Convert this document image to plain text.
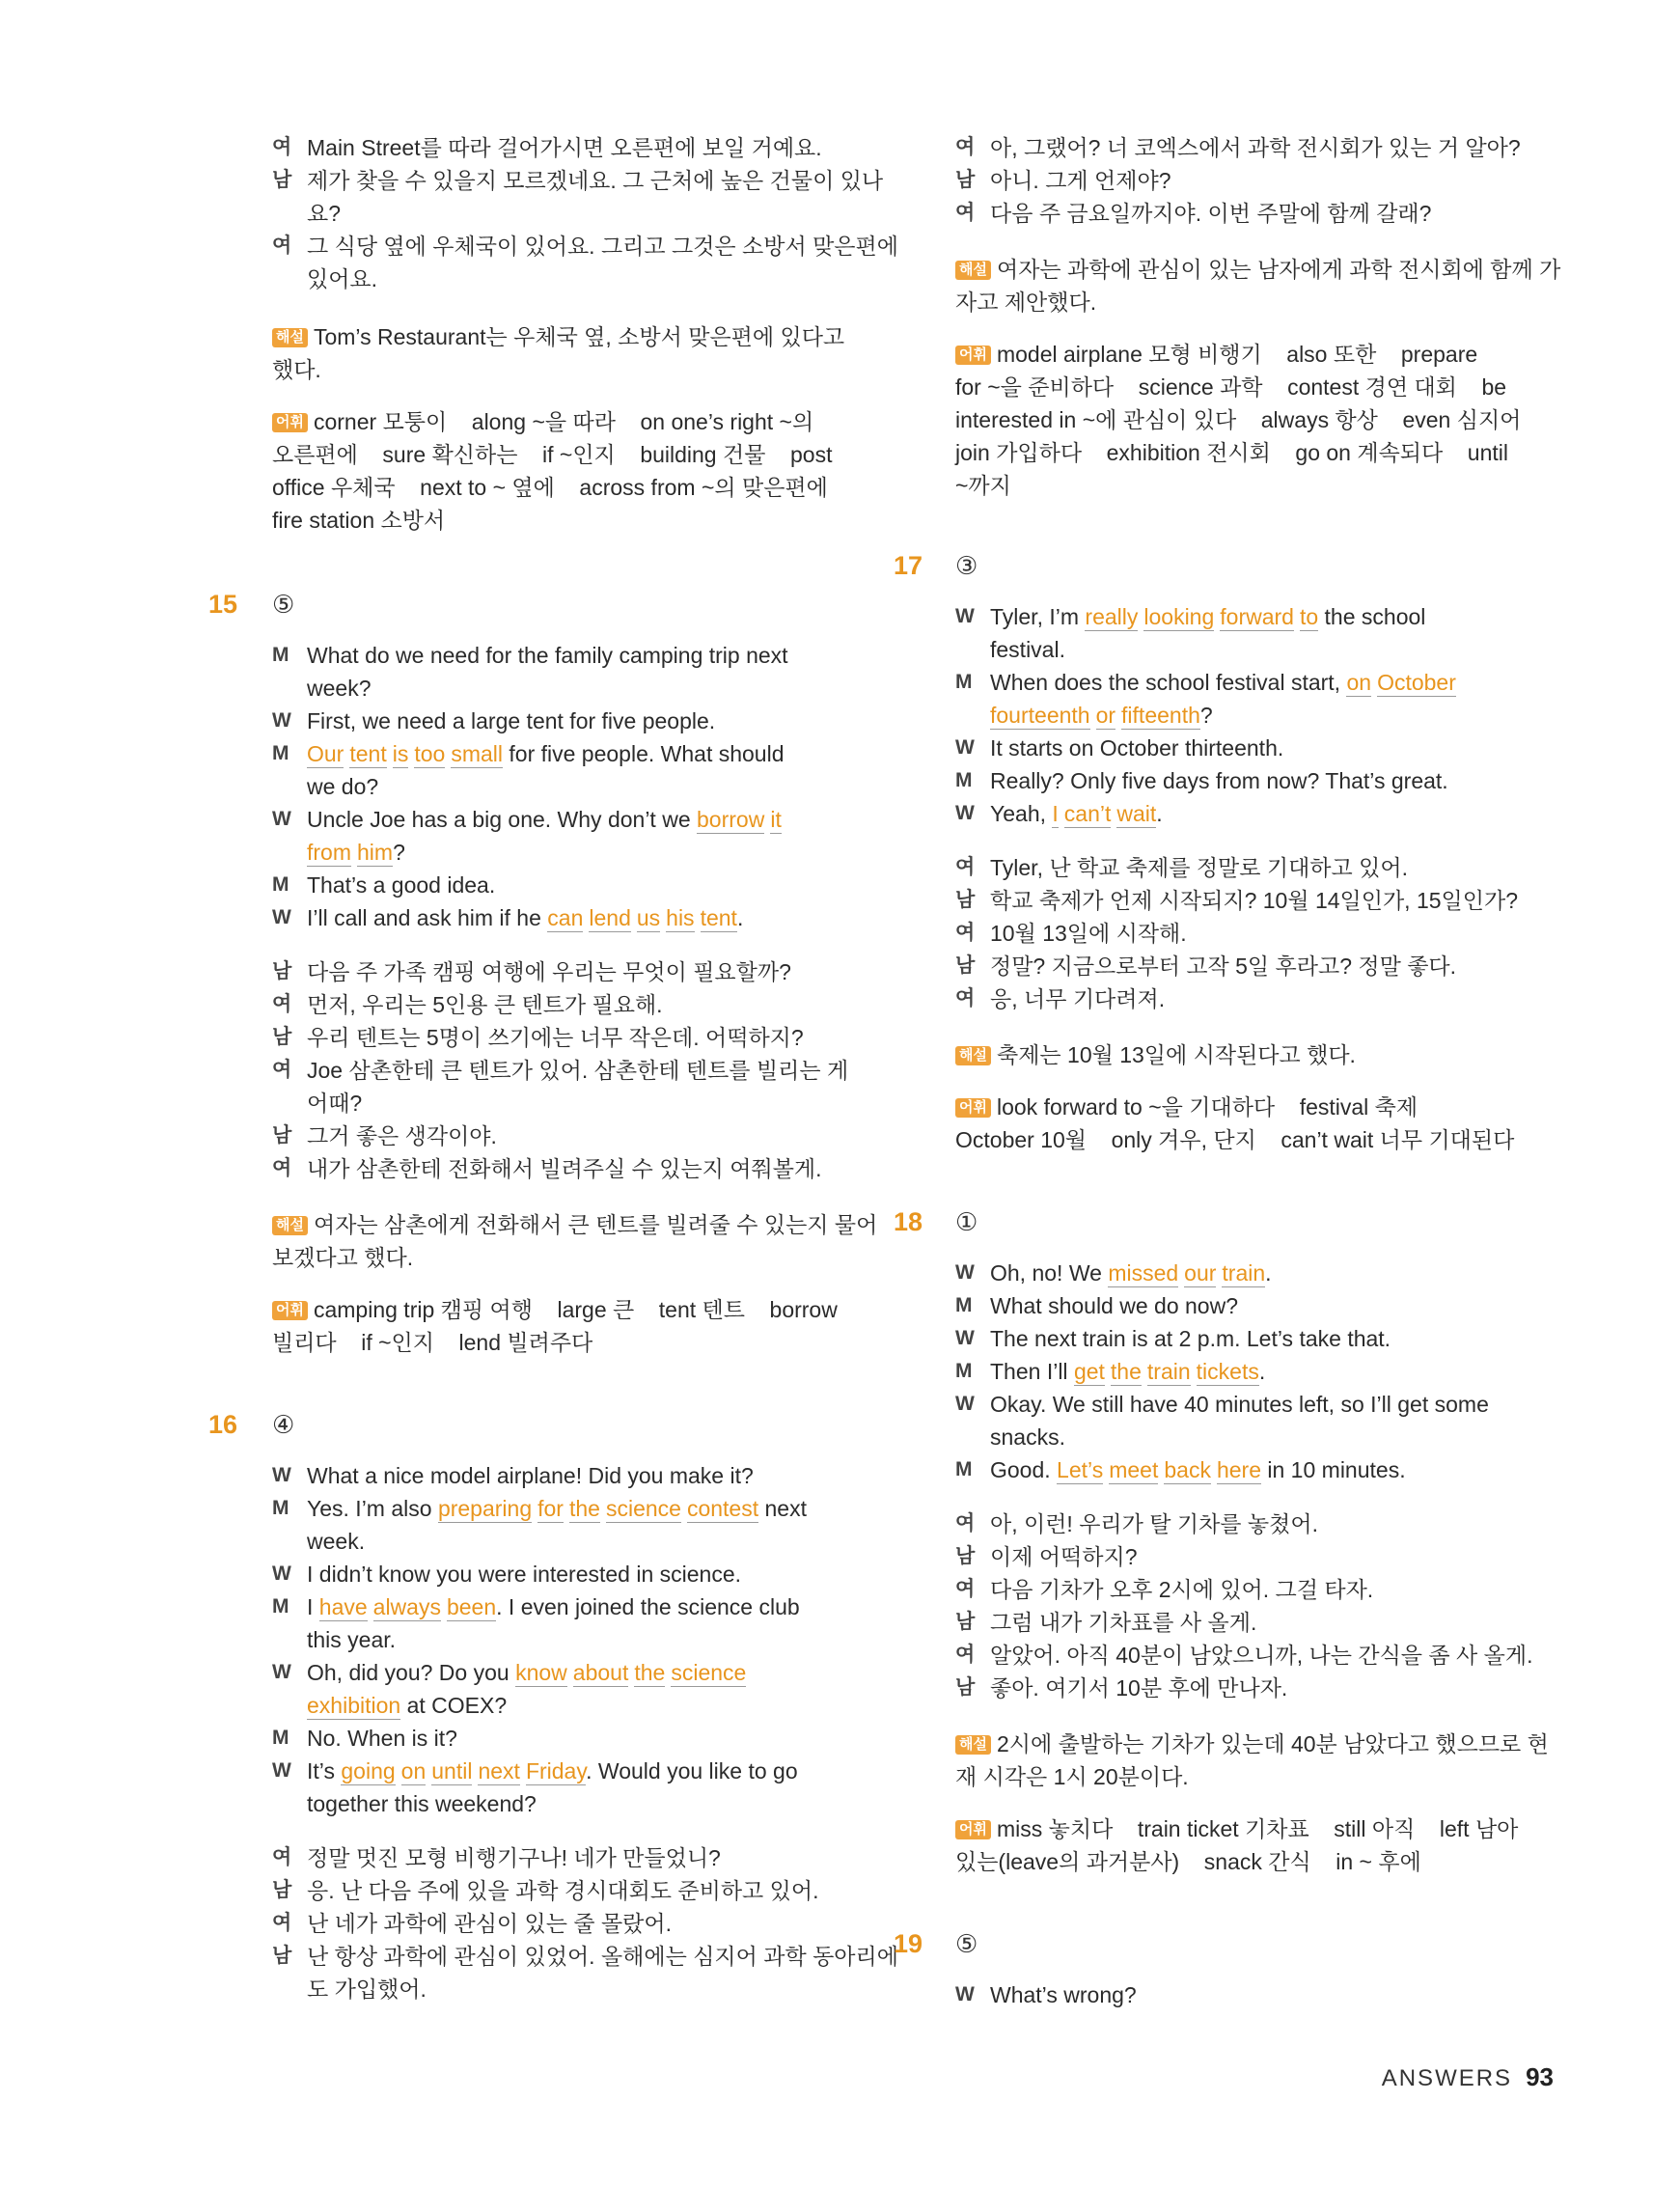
여 Main Street를 따라 걸어가시면 오른편에 보일 거예요.
남 제가 찾을 수 있을지 모르겠네요. 그 근처에 높은 건물이 있나
요?
여 그 식당 옆에 우체국이 있어요. 그리고 그것은 소방서 맞은편에
있어요.
해설 Tom’s Restaurant는 우체국 옆, 소방서 맞은편에 있다고
했다.
어휘 corner 모퉁이    along ~을 따라    on one’s right ~의
오른편에    sure 확신하는    if ~인지    building 건물    post
office 우체국    next to ~ 옆에    across from ~의 맞은편에
fire station 소방서
15 ⑤
M What do we need for the family camping trip next
week?
W First, we need a large tent for five people.
M Our tent is too small for five people. What should
we do?
W Uncle Joe has a big one. Why don’t we borrow it
from him?
M That’s a good idea.
W I’ll call and ask him if he can lend us his tent.
남 다음 주 가족 캠핑 여행에 우리는 무엇이 필요할까?
여 먼저, 우리는 5인용 큰 텐트가 필요해.
남 우리 텐트는 5명이 쓰기에는 너무 작은데. 어떡하지?
여 Joe 삼촌한테 큰 텐트가 있어. 삼촌한테 텐트를 빌리는 게
어때?
남 그거 좋은 생각이야.
여 내가 삼촌한테 전화해서 빌려주실 수 있는지 여쭤볼게.
해설 여자는 삼촌에게 전화해서 큰 텐트를 빌려줄 수 있는지 물어
보겠다고 했다.
어휘 camping trip 캠핑 여행    large 큰    tent 텐트    borrow
빌리다    if ~인지    lend 빌려주다
16 ④
W What a nice model airplane! Did you make it?
M Yes. I’m also preparing for the science contest next
week.
W I didn’t know you were interested in science.
M I have always been. I even joined the science club
this year.
W Oh, did you? Do you know about the science
exhibition at COEX?
M No. When is it?
W It’s going on until next Friday. Would you like to go
together this weekend?
여 정말 멋진 모형 비행기구나! 네가 만들었니?
남 응. 난 다음 주에 있을 과학 경시대회도 준비하고 있어.
여 난 네가 과학에 관심이 있는 줄 몰랐어.
남 난 항상 과학에 관심이 있었어. 올해에는 심지어 과학 동아리에
도 가입했어.
여 아, 그랬어? 너 코엑스에서 과학 전시회가 있는 거 알아?
남 아니. 그게 언제야?
여 다음 주 금요일까지야. 이번 주말에 함께 갈래?
해설 여자는 과학에 관심이 있는 남자에게 과학 전시회에 함께 가
자고 제안했다.
어휘 model airplane 모형 비행기    also 또한    prepare
for ~을 준비하다    science 과학    contest 경연 대회    be
interested in ~에 관심이 있다    always 항상    even 심지어
join 가입하다    exhibition 전시회    go on 계속되다    until
~까지
17 ③
W Tyler, I’m really looking forward to the school
festival.
M When does the school festival start, on October
fourteenth or fifteenth?
W It starts on October thirteenth.
M Really? Only five days from now? That’s great.
W Yeah, I can’t wait.
여 Tyler, 난 학교 축제를 정말로 기대하고 있어.
남 학교 축제가 언제 시작되지? 10월 14일인가, 15일인가?
여 10월 13일에 시작해.
남 정말? 지금으로부터 고작 5일 후라고? 정말 좋다.
여 응, 너무 기다려져.
해설 축제는 10월 13일에 시작된다고 했다.
어휘 look forward to ~을 기대하다    festival 축제
October 10월    only 겨우, 단지    can’t wait 너무 기대된다
18 ①
W Oh, no! We missed our train.
M What should we do now?
W The next train is at 2 p.m. Let’s take that.
M Then I’ll get the train tickets.
W Okay. We still have 40 minutes left, so I’ll get some
snacks.
M Good. Let’s meet back here in 10 minutes.
여 아, 이런! 우리가 탈 기차를 놓쳤어.
남 이제 어떡하지?
여 다음 기차가 오후 2시에 있어. 그걸 타자.
남 그럼 내가 기차표를 사 올게.
여 알았어. 아직 40분이 남았으니까, 나는 간식을 좀 사 올게.
남 좋아. 여기서 10분 후에 만나자.
해설 2시에 출발하는 기차가 있는데 40분 남았다고 했으므로 현
재 시각은 1시 20분이다.
어휘 miss 놓치다    train ticket 기차표    still 아직    left 남아
있는(leave의 과거분사)    snack 간식    in ~ 후에
19 ⑤
W What’s wrong?
ANSWERS 93
